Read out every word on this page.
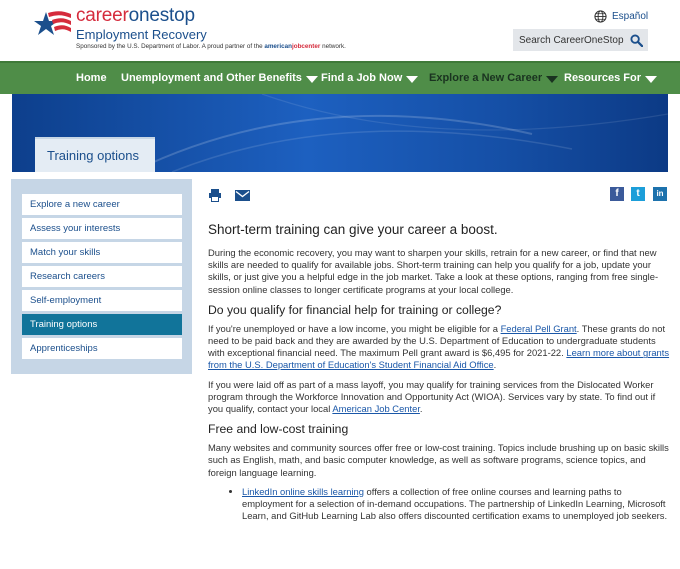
careeronestop
Employment Recovery
Sponsored by the U.S. Department of Labor. A proud partner of the americanjobcenter network.
Español
Search CareerOneStop
Home Unemployment and Other Benefits Find a Job Now Explore a New Career Resources For
Training options
Explore a new career
Assess your interests
Match your skills
Research careers
Self-employment
Training options
Apprenticeships
f	t	in
Short-term training can give your career a boost.

During the economic recovery, you may want to sharpen your skills, retrain for a new career, or find that new skills are needed to qualify for available jobs. Short-term training can help you qualify for a job, update your skills, or just give you a helpful edge in the job market. Take a look at these options, ranging from free single-session online classes to longer certificate programs at your local college.

Do you qualify for financial help for training or college?

If you're unemployed or have a low income, you might be eligible for a Federal Pell Grant. These grants do not need to be paid back and they are awarded by the U.S. Department of Education to undergraduate students with exceptional financial need. The maximum Pell grant award is $6,495 for 2021-22. Learn more about grants from the U.S. Department of Education's Student Financial Aid Office.

If you were laid off as part of a mass layoff, you may qualify for training services from the Dislocated Worker program through the Workforce Innovation and Opportunity Act (WIOA). Services vary by state. To find out if you qualify, contact your local American Job Center.

Free and low-cost training

Many websites and community sources offer free or low-cost training. Topics include brushing up on basic skills such as English, math, and basic computer knowledge, as well as software programs, science topics, and foreign language learning.

• LinkedIn online skills learning offers a collection of free online courses and learning paths to employment for a selection of in-demand occupations. The partnership of LinkedIn Learning, Microsoft Learn, and GitHub Learning Lab also offers discounted certification exams to unemployed job seekers.
